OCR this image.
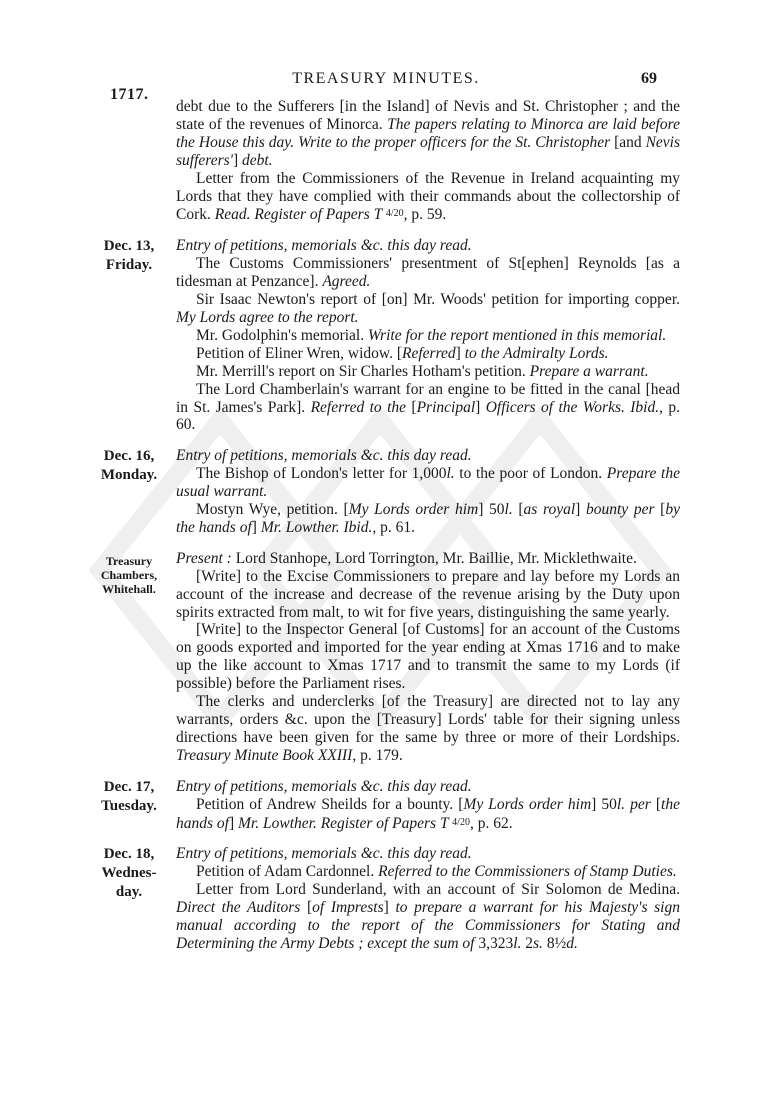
1717.
TREASURY MINUTES.	69

debt due to the Sufferers [in the Island] of Nevis and St. Christopher ; and the state of the revenues of Minorca. The papers relating to Minorca are laid before the House this day. Write to the proper officers for the St. Christopher [and Nevis sufferers'] debt.

Letter from the Commissioners of the Revenue in Ireland acquainting my Lords that they have complied with their commands about the collectorship of Cork. Read. Register of Papers T 4/20, p. 59.

Dec. 13, Friday.

Entry of petitions, memorials &c. this day read.

The Customs Commissioners' presentment of St[ephen] Reynolds [as a tidesman at Penzance]. Agreed.

Sir Isaac Newton's report of [on] Mr. Woods' petition for importing copper. My Lords agree to the report.

Mr. Godolphin's memorial. Write for the report mentioned in this memorial.

Petition of Eliner Wren, widow. [Referred] to the Admiralty Lords.

Mr. Merrill's report on Sir Charles Hotham's petition. Prepare a warrant.

The Lord Chamberlain's warrant for an engine to be fitted in the canal [head in St. James's Park]. Referred to the [Principal] Officers of the Works. Ibid., p. 60.

Dec. 16, Monday.

Entry of petitions, memorials &c. this day read.

The Bishop of London's letter for 1,000l. to the poor of London. Prepare the usual warrant.

Mostyn Wye, petition. [My Lords order him] 50l. [as royal] bounty per [by the hands of] Mr. Lowther. Ibid., p. 61.

Treasury Chambers, Whitehall.

Present : Lord Stanhope, Lord Torrington, Mr. Baillie, Mr. Micklethwaite.

[Write] to the Excise Commissioners to prepare and lay before my Lords an account of the increase and decrease of the revenue arising by the Duty upon spirits extracted from malt, to wit for five years, distinguishing the same yearly.

[Write] to the Inspector General [of Customs] for an account of the Customs on goods exported and imported for the year ending at Xmas 1716 and to make up the like account to Xmas 1717 and to transmit the same to my Lords (if possible) before the Parliament rises.

The clerks and underclerks [of the Treasury] are directed not to lay any warrants, orders &c. upon the [Treasury] Lords' table for their signing unless directions have been given for the same by three or more of their Lordships. Treasury Minute Book XXIII, p. 179.

Dec. 17, Tuesday.

Entry of petitions, memorials &c. this day read.

Petition of Andrew Sheilds for a bounty. [My Lords order him] 50l. per [the hands of] Mr. Lowther. Register of Papers T 4/20, p. 62.

Dec. 18, Wednes-day.

Entry of petitions, memorials &c. this day read.

Petition of Adam Cardonnel. Referred to the Commissioners of Stamp Duties.

Letter from Lord Sunderland, with an account of Sir Solomon de Medina. Direct the Auditors [of Imprests] to prepare a warrant for his Majesty's sign manual according to the report of the Commissioners for Stating and Determining the Army Debts ; except the sum of 3,323l. 2s. 8½d.
